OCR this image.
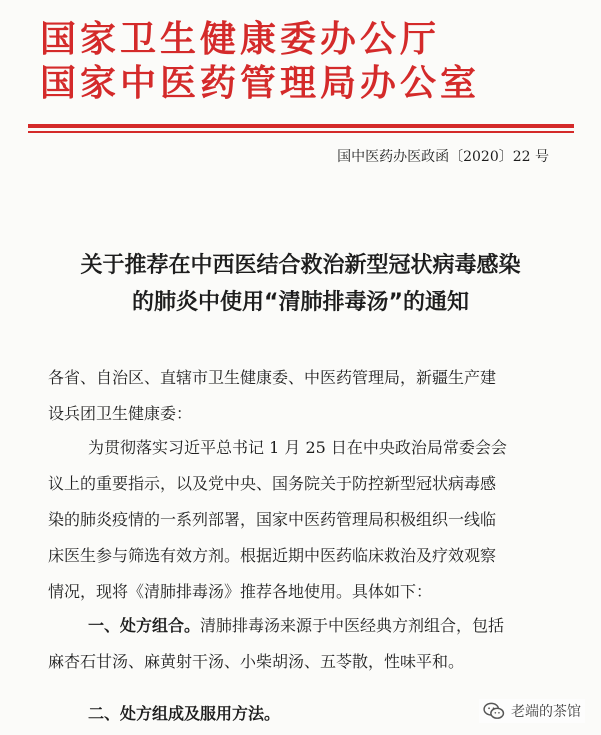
国家卫生健康委办公厅
国家中医药管理局办公室
国中医药办医政函〔2020〕22 号
关于推荐在中西医结合救治新型冠状病毒感染
的肺炎中使用“清肺排毒汤”的通知
各省、自治区、直辖市卫生健康委、中医药管理局，新疆生产建
设兵团卫生健康委：
为贯彻落实习近平总书记 1 月 25 日在中央政治局常委会会
议上的重要指示，以及党中央、国务院关于防控新型冠状病毒感
染的肺炎疫情的一系列部署，国家中医药管理局积极组织一线临
床医生参与筛选有效方剂。根据近期中医药临床救治及疗效观察
情况，现将《清肺排毒汤》推荐各地使用。具体如下：
一、处方组合。清肺排毒汤来源于中医经典方剂组合，包括
麻杏石甘汤、麻黄射干汤、小柴胡汤、五苓散，性味平和。
二、处方组成及服用方法。	老端的茶馆
